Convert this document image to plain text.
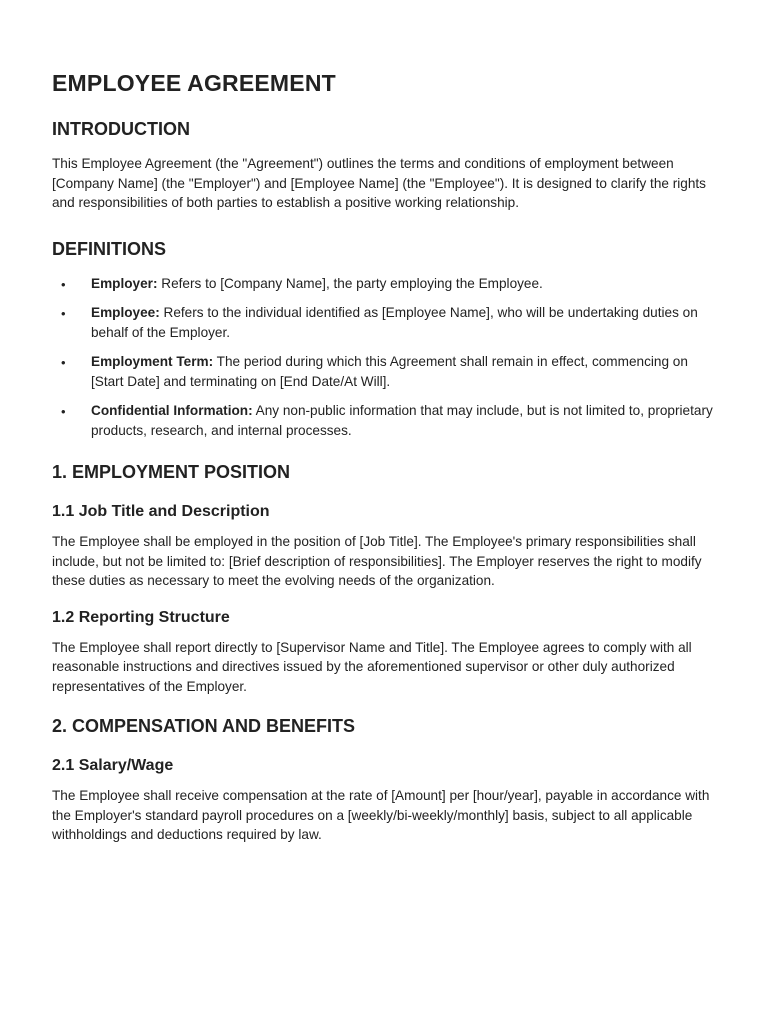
EMPLOYEE AGREEMENT
INTRODUCTION

This Employee Agreement (the "Agreement") outlines the terms and conditions of employment between [Company Name] (the "Employer") and [Employee Name] (the "Employee"). It is designed to clarify the rights and responsibilities of both parties to establish a positive working relationship.

DEFINITIONS
• Employer: Refers to [Company Name], the party employing the Employee.
• Employee: Refers to the individual identified as [Employee Name], who will be undertaking duties on behalf of the Employer.
• Employment Term: The period during which this Agreement shall remain in effect, commencing on [Start Date] and terminating on [End Date/At Will].
• Confidential Information: Any non-public information that may include, but is not limited to, proprietary products, research, and internal processes.
1. EMPLOYMENT POSITION
1.1 Job Title and Description

The Employee shall be employed in the position of [Job Title]. The Employee's primary responsibilities shall include, but not be limited to: [Brief description of responsibilities]. The Employer reserves the right to modify these duties as necessary to meet the evolving needs of the organization.

1.2 Reporting Structure

The Employee shall report directly to [Supervisor Name and Title]. The Employee agrees to comply with all reasonable instructions and directives issued by the aforementioned supervisor or other duly authorized representatives of the Employer.

2. COMPENSATION AND BENEFITS
2.1 Salary/Wage

The Employee shall receive compensation at the rate of [Amount] per [hour/year], payable in accordance with the Employer's standard payroll procedures on a [weekly/bi-weekly/monthly] basis, subject to all applicable withholdings and deductions required by law.
